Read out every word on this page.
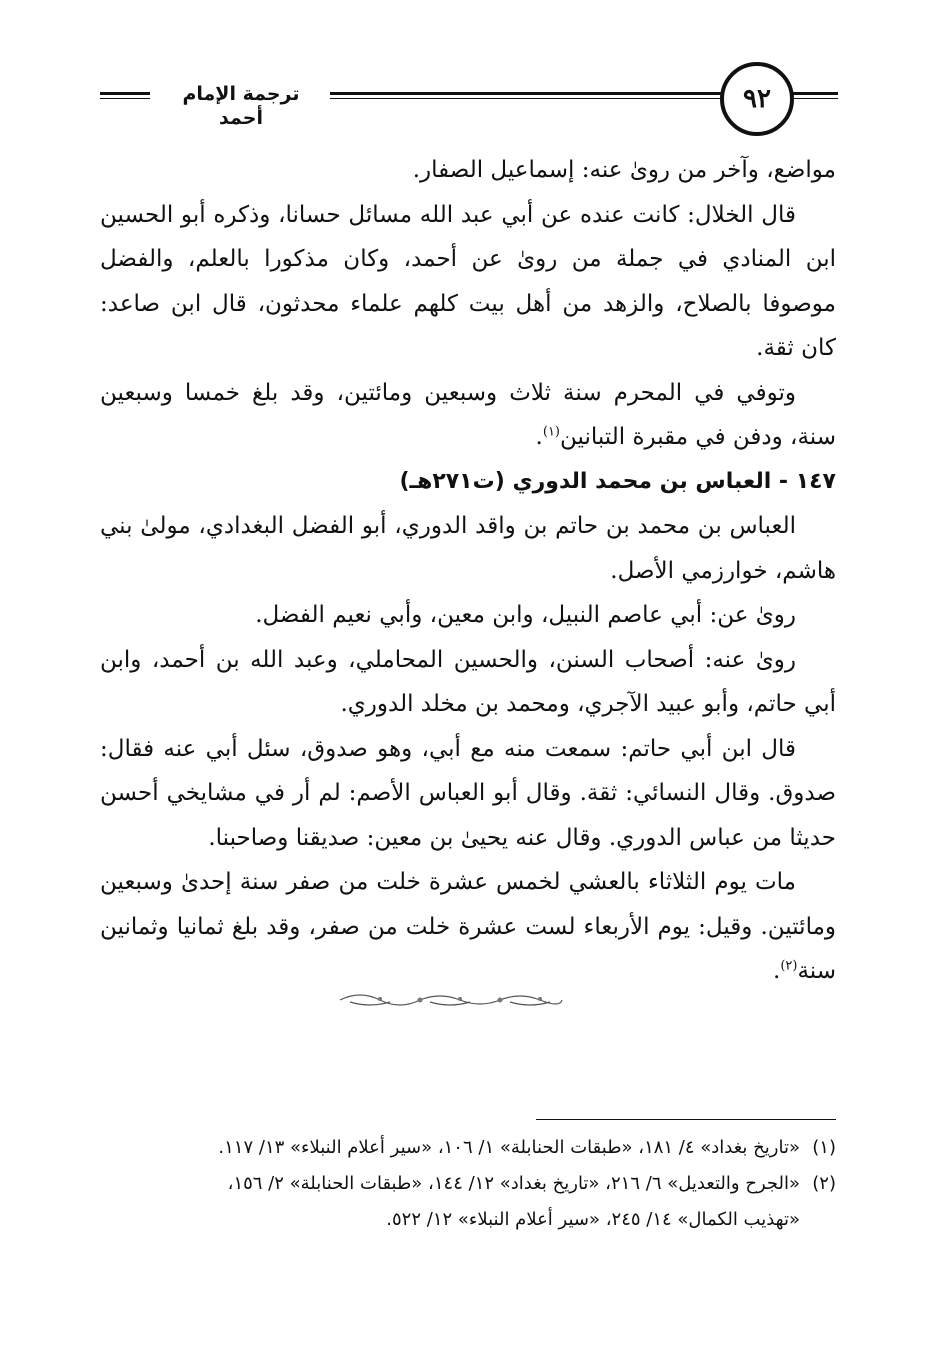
ترجمة الإمام أحمد
٩٢

مواضع، وآخر من رویٰ عنه: إسماعيل الصفار.

قال الخلال: كانت عنده عن أبي عبد الله مسائل حسانا، وذكره أبو الحسين ابن المنادي في جملة من رویٰ عن أحمد، وكان مذكورا بالعلم، والفضل موصوفا بالصلاح، والزهد من أهل بيت كلهم علماء محدثون، قال ابن صاعد: كان ثقة.

وتوفي في المحرم سنة ثلاث وسبعين ومائتين، وقد بلغ خمسا وسبعين سنة، ودفن في مقبرة التبانين$^{(١)}$.

١٤٧ - العباس بن محمد الدوري (ت٢٧١هـ)

العباس بن محمد بن حاتم بن واقد الدوري، أبو الفضل البغدادي، مولىٰ بني هاشم، خوارزمي الأصل.

رویٰ عن: أبي عاصم النبيل، وابن معين، وأبي نعيم الفضل.

رویٰ عنه: أصحاب السنن، والحسين المحاملي، وعبد الله بن أحمد، وابن أبي حاتم، وأبو عبيد الآجري، ومحمد بن مخلد الدوري.

قال ابن أبي حاتم: سمعت منه مع أبي، وهو صدوق، سئل أبي عنه فقال: صدوق. وقال النسائي: ثقة. وقال أبو العباس الأصم: لم أر في مشايخي أحسن حديثا من عباس الدوري. وقال عنه يحيىٰ بن معين: صديقنا وصاحبنا.

مات يوم الثلاثاء بالعشي لخمس عشرة خلت من صفر سنة إحدىٰ وسبعين ومائتين. وقيل: يوم الأربعاء لست عشرة خلت من صفر، وقد بلغ ثمانيا وثمانين سنة$^{(٢)}$.

(١)«تاريخ بغداد» ٤/ ١٨١، «طبقات الحنابلة» ١/ ١٠٦، «سير أعلام النبلاء» ١٣/ ١١٧.

(٢)«الجرح والتعديل» ٦/ ٢١٦، «تاريخ بغداد» ١٢/ ١٤٤، «طبقات الحنابلة» ٢/ ١٥٦،

«تهذيب الكمال» ١٤/ ٢٤٥، «سير أعلام النبلاء» ١٢/ ٥٢٢.
